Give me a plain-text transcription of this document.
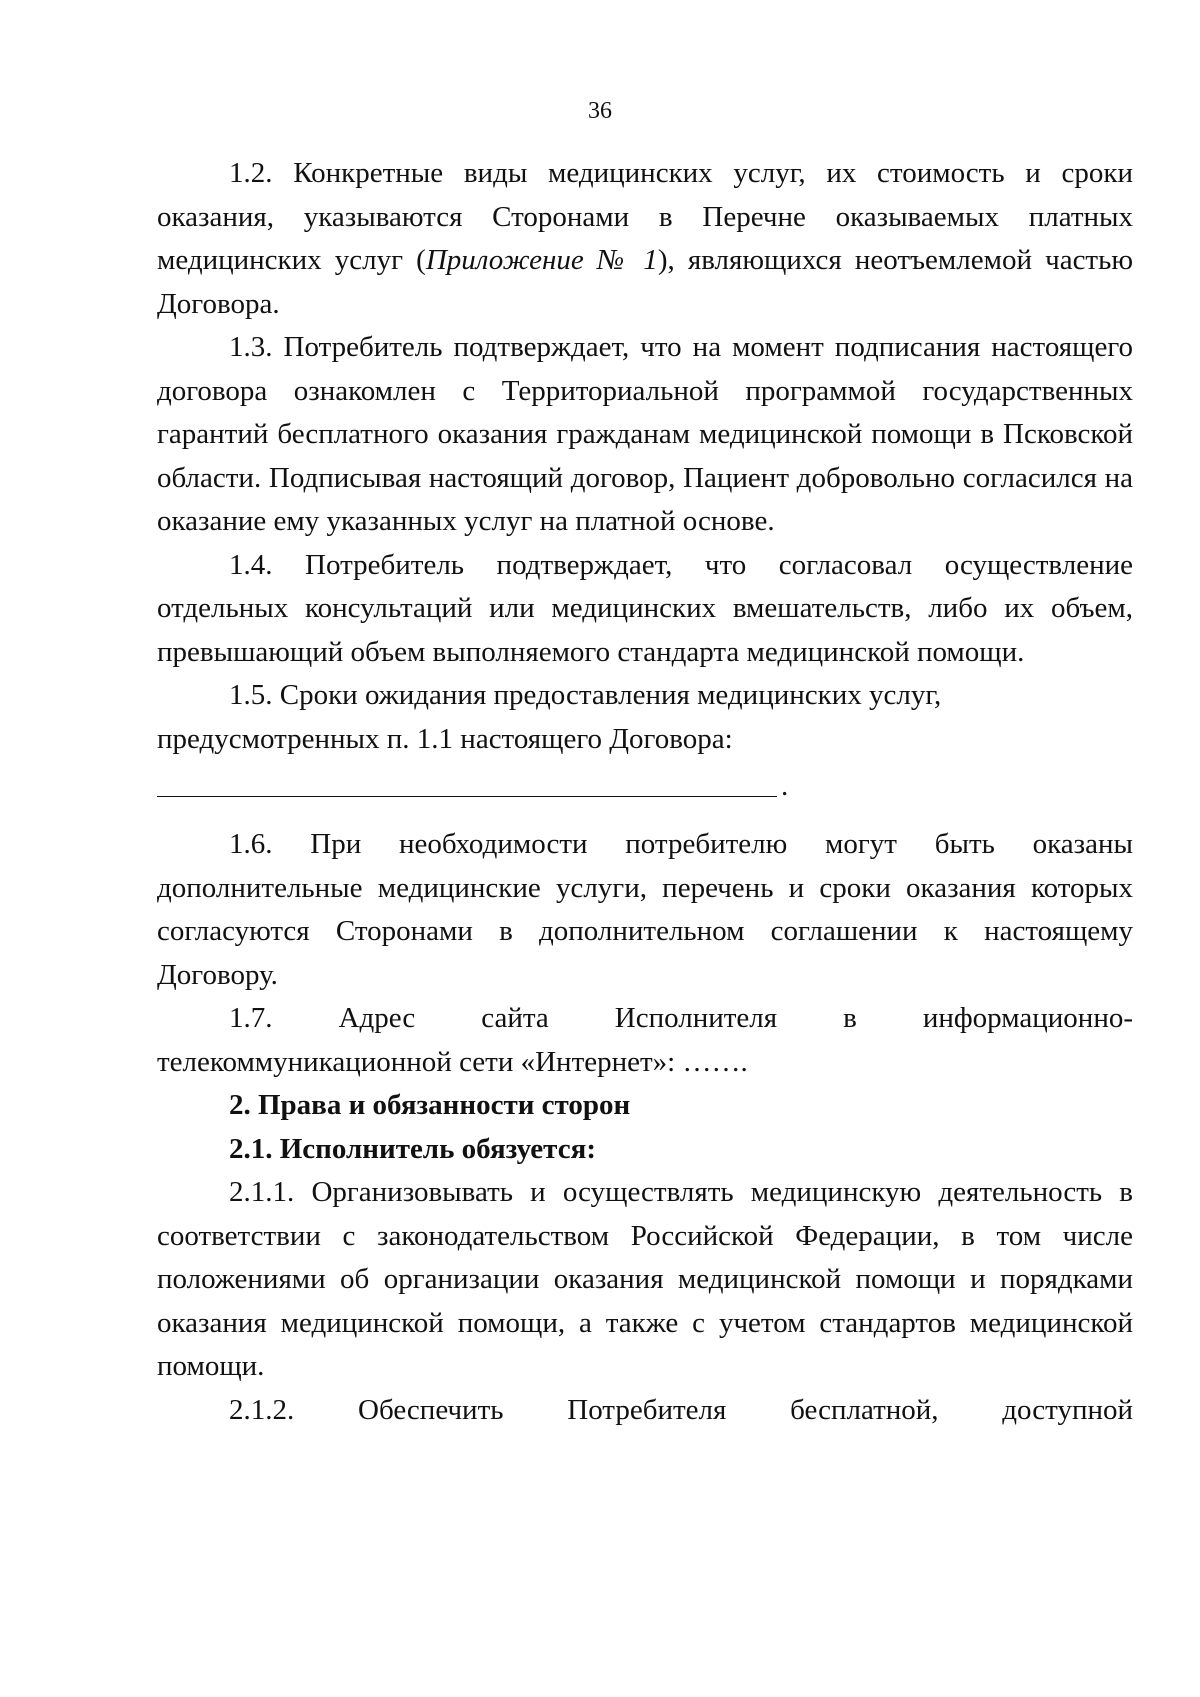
36

1.2. Конкретные виды медицинских услуг, их стоимость и сроки оказания, указываются Сторонами в Перечне оказываемых платных медицинских услуг (Приложение № 1), являющихся неотъемлемой частью Договора.

1.3. Потребитель подтверждает, что на момент подписания настоящего договора ознакомлен с Территориальной программой государственных гарантий бесплатного оказания гражданам медицинской помощи в Псковской области. Подписывая настоящий договор, Пациент добровольно согласился на оказание ему указанных услуг на платной основе.

1.4. Потребитель подтверждает, что согласовал осуществление отдельных консультаций или медицинских вмешательств, либо их объем, превышающий объем выполняемого стандарта медицинской помощи.

1.5. Сроки ожидания предоставления медицинских услуг, предусмотренных п. 1.1 настоящего Договора:

.

1.6. При необходимости потребителю могут быть оказаны дополнительные медицинские услуги, перечень и сроки оказания которых согласуются Сторонами в дополнительном соглашении к настоящему Договору.

1.7. Адрес сайта Исполнителя в информационно-телекоммуникационной сети «Интернет»: …….

2. Права и обязанности сторон

2.1. Исполнитель обязуется:

2.1.1. Организовывать и осуществлять медицинскую деятельность в соответствии с законодательством Российской Федерации, в том числе положениями об организации оказания медицинской помощи и порядками оказания медицинской помощи, а также с учетом стандартов медицинской помощи.

2.1.2. Обеспечить Потребителя бесплатной, доступной
